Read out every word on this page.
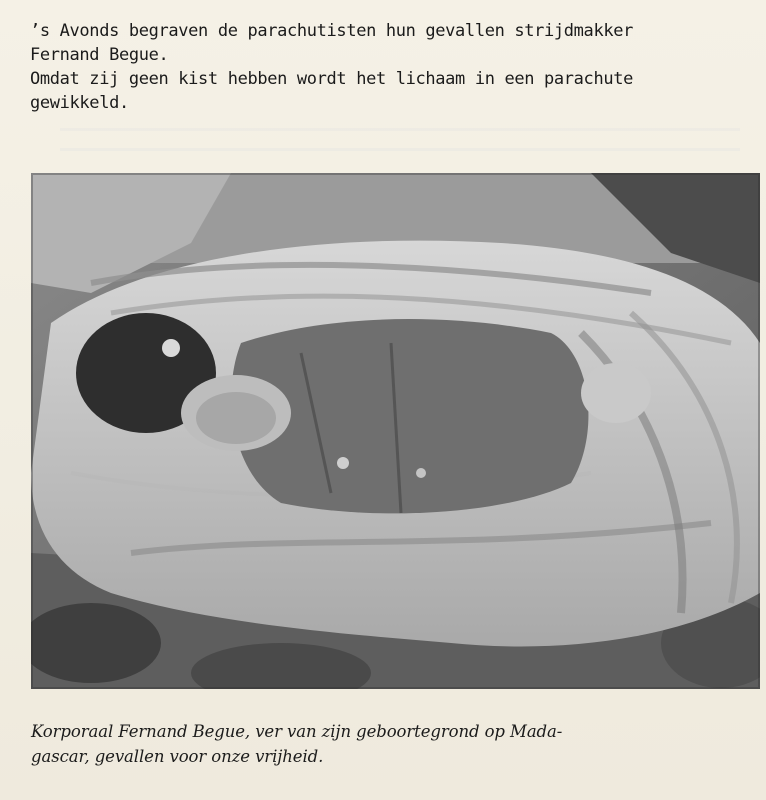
’s Avonds begraven de parachutisten hun gevallen strijdmakker
Fernand Begue.
Omdat zij geen kist hebben wordt het lichaam in een parachute
gewikkeld.

Korporaal Fernand Begue, ver van zijn geboortegrond op Mada-
gascar, gevallen voor onze vrijheid.
